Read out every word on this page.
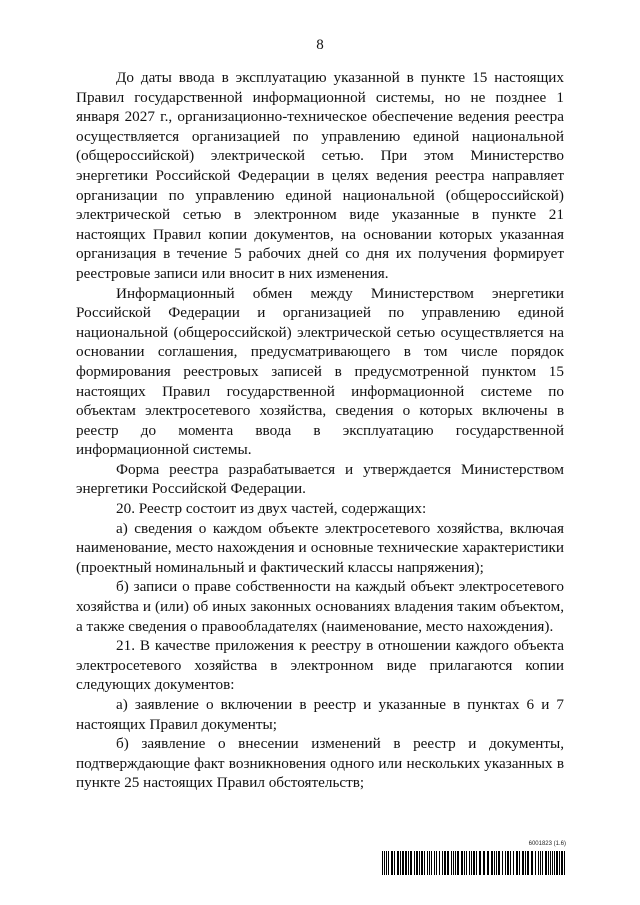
8

До даты ввода в эксплуатацию указанной в пункте 15 настоящих Правил государственной информационной системы, но не позднее 1 января 2027 г., организационно-техническое обеспечение ведения реестра осуществляется организацией по управлению единой национальной (общероссийской) электрической сетью. При этом Министерство энергетики Российской Федерации в целях ведения реестра направляет организации по управлению единой национальной (общероссийской) электрической сетью в электронном виде указанные в пункте 21 настоящих Правил копии документов, на основании которых указанная организация в течение 5 рабочих дней со дня их получения формирует реестровые записи или вносит в них изменения.

Информационный обмен между Министерством энергетики Российской Федерации и организацией по управлению единой национальной (общероссийской) электрической сетью осуществляется на основании соглашения, предусматривающего в том числе порядок формирования реестровых записей в предусмотренной пунктом 15 настоящих Правил государственной информационной системе по объектам электросетевого хозяйства, сведения о которых включены в реестр до момента ввода в эксплуатацию государственной информационной системы.

Форма реестра разрабатывается и утверждается Министерством энергетики Российской Федерации.

20. Реестр состоит из двух частей, содержащих:

а) сведения о каждом объекте электросетевого хозяйства, включая наименование, место нахождения и основные технические характеристики (проектный номинальный и фактический классы напряжения);

б) записи о праве собственности на каждый объект электросетевого хозяйства и (или) об иных законных основаниях владения таким объектом, а также сведения о правообладателях (наименование, место нахождения).

21. В качестве приложения к реестру в отношении каждого объекта электросетевого хозяйства в электронном виде прилагаются копии следующих документов:

а) заявление о включении в реестр и указанные в пунктах 6 и 7 настоящих Правил документы;

б) заявление о внесении изменений в реестр и документы, подтверждающие факт возникновения одного или нескольких указанных в пункте 25 настоящих Правил обстоятельств;

6001823 (1.6)
